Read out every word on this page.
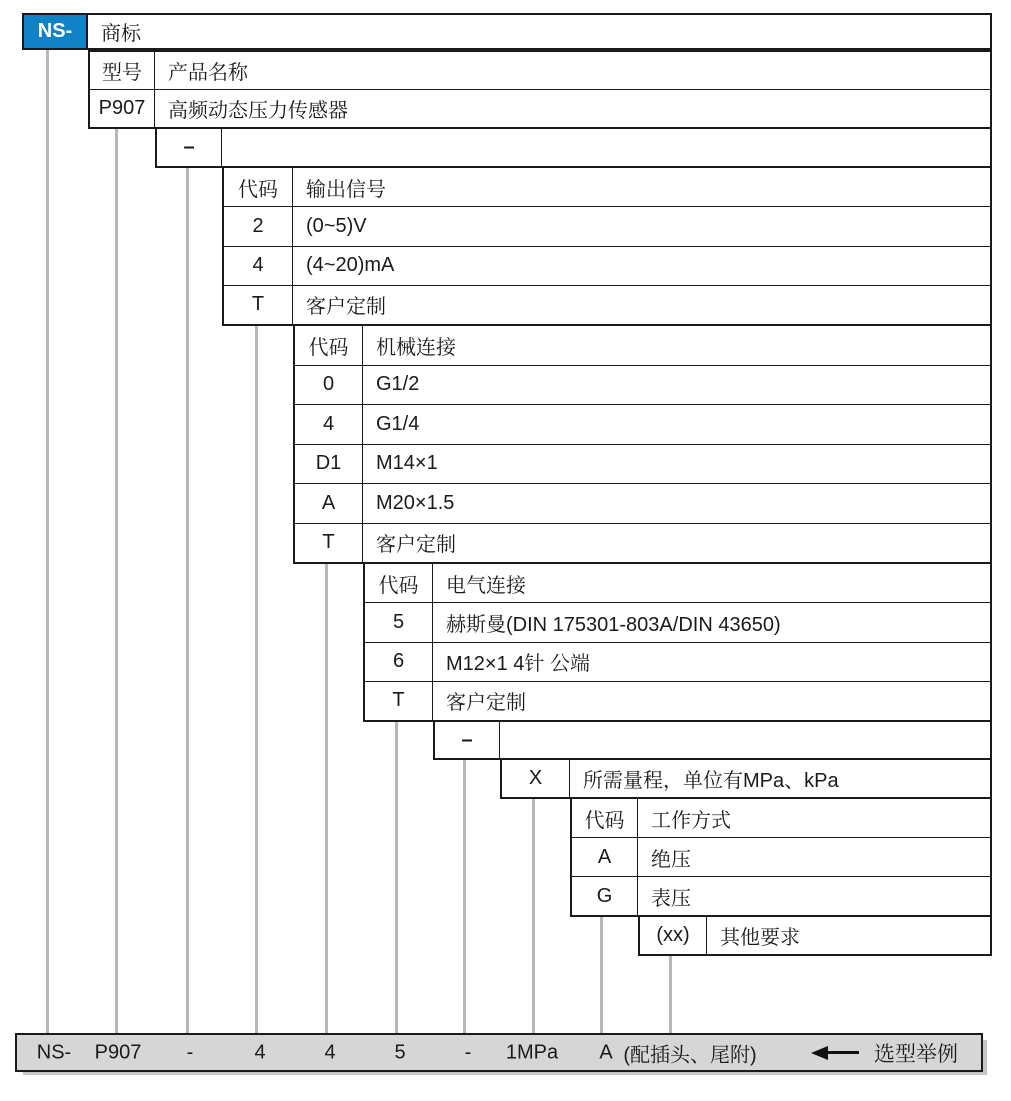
NS-	商标
型号	产品名称
P907	高频动态压力传感器
–
代码	输出信号
2	(0~5)V
4	(4~20)mA
T	客户定制
代码	机械连接
0	G1/2
4	G1/4
D1	M14×1
A	M20×1.5
T	客户定制
代码	电气连接
5	赫斯曼(DIN 175301-803A/DIN 43650)
6	M12×1 4针 公端
T	客户定制
–
X	所需量程，单位有MPa、kPa
代码	工作方式
A	绝压
G	表压
(xx)	其他要求
NS- P907 -	4	4	5	- 1MPa A (配插头、尾附)	选型举例
